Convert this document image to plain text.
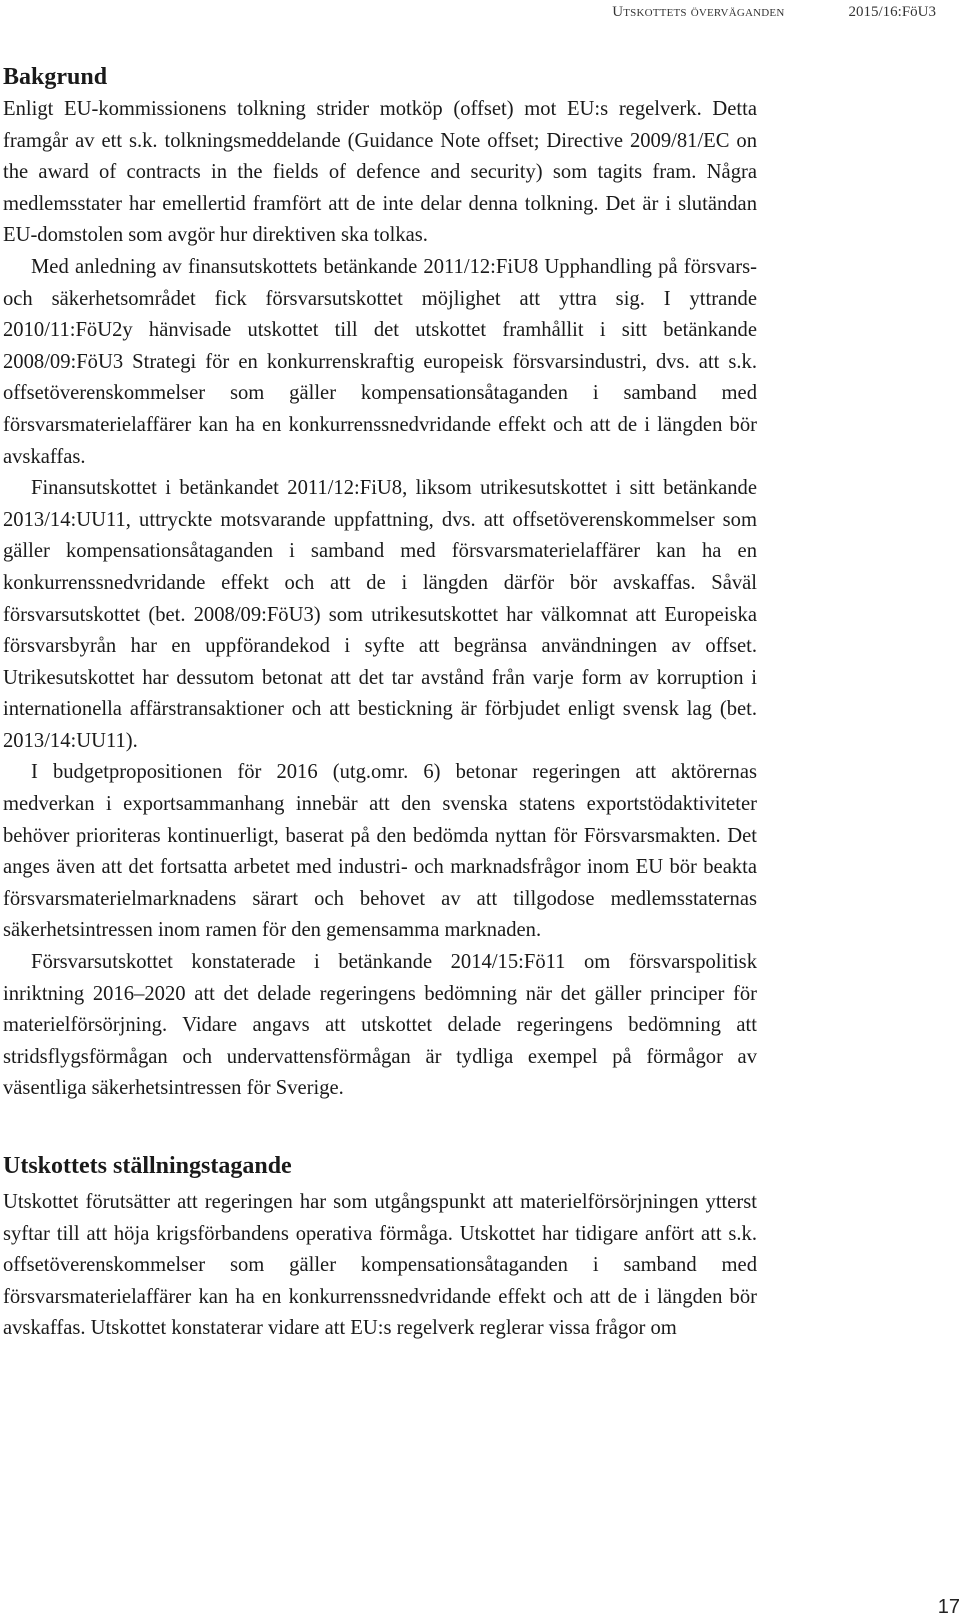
Utskottets överväganden	2015/16:FöU3
Bakgrund

Enligt EU-kommissionens tolkning strider motköp (offset) mot EU:s regelverk. Detta framgår av ett s.k. tolkningsmeddelande (Guidance Note offset; Directive 2009/81/EC on the award of contracts in the fields of defence and security) som tagits fram. Några medlemsstater har emellertid framfört att de inte delar denna tolkning. Det är i slutändan EU-domstolen som avgör hur direktiven ska tolkas.

Med anledning av finansutskottets betänkande 2011/12:FiU8 Upphandling på försvars- och säkerhetsområdet fick försvarsutskottet möjlighet att yttra sig. I yttrande 2010/11:FöU2y hänvisade utskottet till det utskottet framhållit i sitt betänkande 2008/09:FöU3 Strategi för en konkurrenskraftig europeisk försvarsindustri, dvs. att s.k. offsetöverenskommelser som gäller kompensationsåtaganden i samband med försvarsmaterielaffärer kan ha en konkurrenssnedvridande effekt och att de i längden bör avskaffas.

Finansutskottet i betänkandet 2011/12:FiU8, liksom utrikesutskottet i sitt betänkande 2013/14:UU11, uttryckte motsvarande uppfattning, dvs. att offsetöverenskommelser som gäller kompensationsåtaganden i samband med försvarsmaterielaffärer kan ha en konkurrenssnedvridande effekt och att de i längden därför bör avskaffas. Såväl försvarsutskottet (bet. 2008/09:FöU3) som utrikesutskottet har välkomnat att Europeiska försvarsbyrån har en uppförandekod i syfte att begränsa användningen av offset. Utrikesutskottet har dessutom betonat att det tar avstånd från varje form av korruption i internationella affärstransaktioner och att bestickning är förbjudet enligt svensk lag (bet. 2013/14:UU11).

I budgetpropositionen för 2016 (utg.omr. 6) betonar regeringen att aktörernas medverkan i exportsammanhang innebär att den svenska statens exportstödaktiviteter behöver prioriteras kontinuerligt, baserat på den bedömda nyttan för Försvarsmakten. Det anges även att det fortsatta arbetet med industri- och marknadsfrågor inom EU bör beakta försvarsmaterielmarknadens särart och behovet av att tillgodose medlemsstaternas säkerhetsintressen inom ramen för den gemensamma marknaden.

Försvarsutskottet konstaterade i betänkande 2014/15:Fö11 om försvarspolitisk inriktning 2016–2020 att det delade regeringens bedömning när det gäller principer för materielförsörjning. Vidare angavs att utskottet delade regeringens bedömning att stridsflygsförmågan och undervattensförmågan är tydliga exempel på förmågor av väsentliga säkerhetsintressen för Sverige.

Utskottets ställningstagande

Utskottet förutsätter att regeringen har som utgångspunkt att materielförsörjningen ytterst syftar till att höja krigsförbandens operativa förmåga. Utskottet har tidigare anfört att s.k. offsetöverenskommelser som gäller kompensationsåtaganden i samband med försvarsmaterielaffärer kan ha en konkurrenssnedvridande effekt och att de i längden bör avskaffas. Utskottet konstaterar vidare att EU:s regelverk reglerar vissa frågor om

17
